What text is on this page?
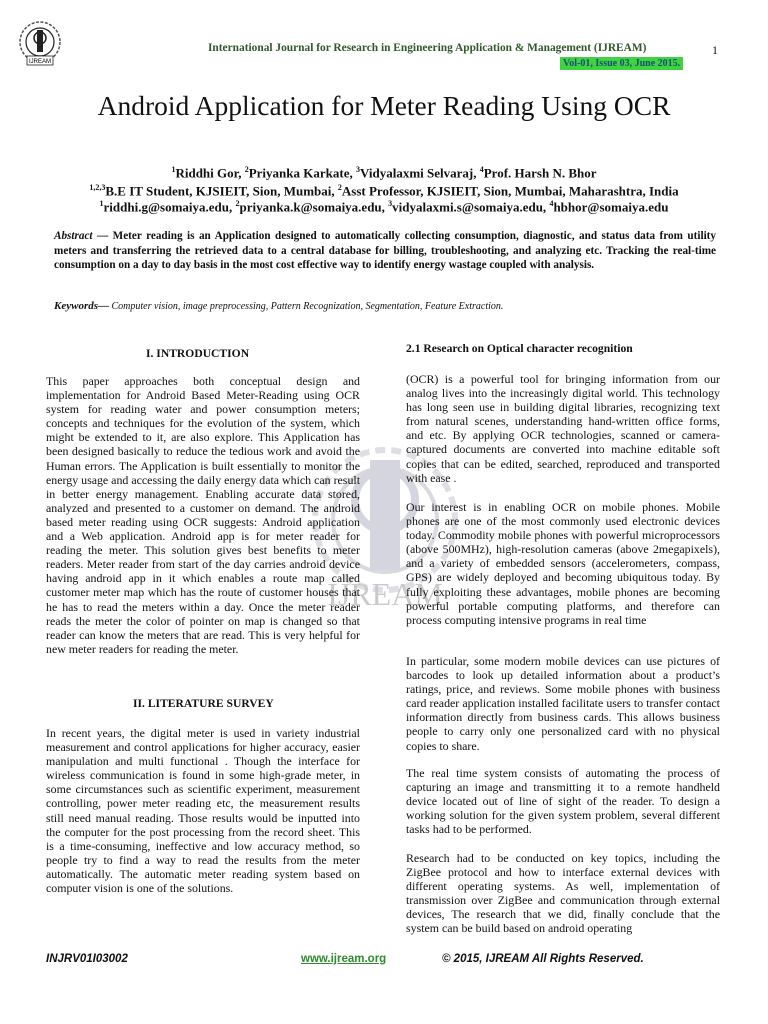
IJREAM
International Journal for Research in Engineering Application & Management (IJREAM)	1
Vol-01, Issue 03, June 2015.
Android Application for Meter Reading Using OCR
$^1$Riddhi Gor, $^2$Priyanka Karkate, $^3$Vidyalaxmi Selvaraj, $^4$Prof. Harsh N. Bhor
$^{1,2,3}$B.E IT Student, KJSIEIT, Sion, Mumbai, $^2$Asst Professor, KJSIEIT, Sion, Mumbai, Maharashtra, India
$^1$riddhi.g@somaiya.edu, $^2$priyanka.k@somaiya.edu, $^3$vidyalaxmi.s@somaiya.edu, $^4$hbhor@somaiya.edu
Abstract — Meter reading is an Application designed to automatically collecting consumption, diagnostic, and status data from utility meters and transferring the retrieved data to a central database for billing, troubleshooting, and analyzing etc. Tracking the real-time consumption on a day to day basis in the most cost effective way to identify energy wastage coupled with analysis.
Keywords— Computer vision, image preprocessing, Pattern Recognization, Segmentation, Feature Extraction.
IJREAM
I. INTRODUCTION

This paper approaches both conceptual design and implementation for Android Based Meter-Reading using OCR system for reading water and power consumption meters; concepts and techniques for the evolution of the system, which might be extended to it, are also explore. This Application has been designed basically to reduce the tedious work and avoid the Human errors. The Application is built essentially to monitor the energy usage and accessing the daily energy data which can result in better energy management. Enabling accurate data stored, analyzed and presented to a customer on demand. The android based meter reading using OCR suggests: Android application and a Web application. Android app is for meter reader for reading the meter. This solution gives best benefits to meter readers. Meter reader from start of the day carries android device having android app in it which enables a route map called customer meter map which has the route of customer houses that he has to read the meters within a day. Once the meter reader reads the meter the color of pointer on map is changed so that reader can know the meters that are read. This is very helpful for new meter readers for reading the meter.

II. LITERATURE SURVEY

In recent years, the digital meter is used in variety industrial measurement and control applications for higher accuracy, easier manipulation and multi functional . Though the interface for wireless communication is found in some high-grade meter, in some circumstances such as scientific experiment, measurement controlling, power meter reading etc, the measurement results still need manual reading. Those results would be inputted into the computer for the post processing from the record sheet. This is a time-consuming, ineffective and low accuracy method, so people try to find a way to read the results from the meter automatically. The automatic meter reading system based on computer vision is one of the solutions.

2.1 Research on Optical character recognition

(OCR) is a powerful tool for bringing information from our analog lives into the increasingly digital world. This technology has long seen use in building digital libraries, recognizing text from natural scenes, understanding hand-written office forms, and etc. By applying OCR technologies, scanned or camera-captured documents are converted into machine editable soft copies that can be edited, searched, reproduced and transported with ease .

Our interest is in enabling OCR on mobile phones. Mobile phones are one of the most commonly used electronic devices today. Commodity mobile phones with powerful microprocessors (above 500MHz), high-resolution cameras (above 2megapixels), and a variety of embedded sensors (accelerometers, compass, GPS) are widely deployed and becoming ubiquitous today. By fully exploiting these advantages, mobile phones are becoming powerful portable computing platforms, and therefore can process computing intensive programs in real time

In particular, some modern mobile devices can use pictures of barcodes to look up detailed information about a product’s ratings, price, and reviews. Some mobile phones with business card reader application installed facilitate users to transfer contact information directly from business cards. This allows business people to carry only one personalized card with no physical copies to share.

The real time system consists of automating the process of capturing an image and transmitting it to a remote handheld device located out of line of sight of the reader. To design a working solution for the given system problem, several different tasks had to be performed.

Research had to be conducted on key topics, including the ZigBee protocol and how to interface external devices with different operating systems. As well, implementation of transmission over ZigBee and communication through external devices, The research that we did, finally conclude that the system can be build based on android operating

INJRV01I03002	www.ijream.org	© 2015, IJREAM All Rights Reserved.
